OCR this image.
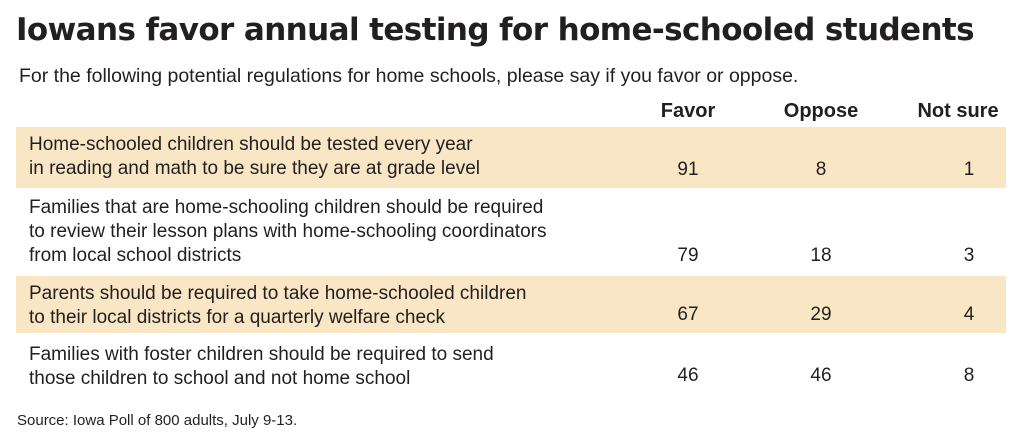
Iowans favor annual testing for home-schooled students
For the following potential regulations for home schools, please say if you favor or oppose.
Favor	Oppose	Not sure
Home-schooled children should be tested every year
in reading and math to be sure they are at grade level	91	8	1
Families that are home-schooling children should be required
to review their lesson plans with home-schooling coordinators
from local school districts	79	18	3
Parents should be required to take home-schooled children
to their local districts for a quarterly welfare check	67	29	4
Families with foster children should be required to send
those children to school and not home school	46	46	8
Source: Iowa Poll of 800 adults, July 9-13.
